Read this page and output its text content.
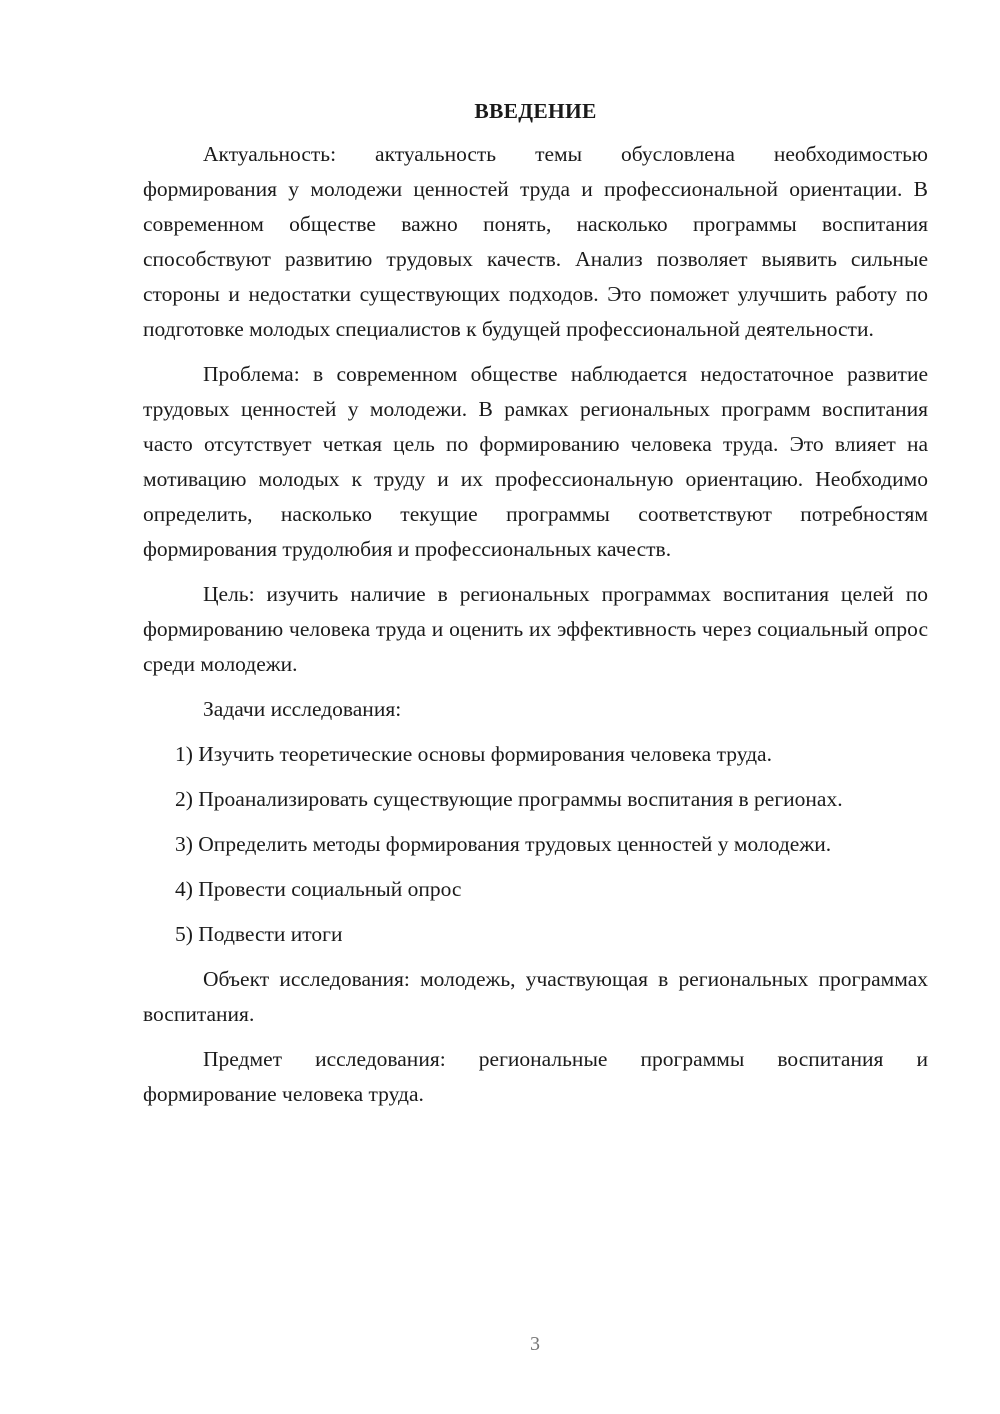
ВВЕДЕНИЕ

Актуальность: актуальность темы обусловлена необходимостью формирования у молодежи ценностей труда и профессиональной ориентации. В современном обществе важно понять, насколько программы воспитания способствуют развитию трудовых качеств. Анализ позволяет выявить сильные стороны и недостатки существующих подходов. Это поможет улучшить работу по подготовке молодых специалистов к будущей профессиональной деятельности.

Проблема: в современном обществе наблюдается недостаточное развитие трудовых ценностей у молодежи. В рамках региональных программ воспитания часто отсутствует четкая цель по формированию человека труда. Это влияет на мотивацию молодых к труду и их профессиональную ориентацию. Необходимо определить, насколько текущие программы соответствуют потребностям формирования трудолюбия и профессиональных качеств.

Цель: изучить наличие в региональных программах воспитания целей по формированию человека труда и оценить их эффективность через социальный опрос среди молодежи.

Задачи исследования:

1) Изучить теоретические основы формирования человека труда.

2) Проанализировать существующие программы воспитания в регионах.

3) Определить методы формирования трудовых ценностей у молодежи.

4) Провести социальный опрос

5) Подвести итоги

Объект исследования: молодежь, участвующая в региональных программах воспитания.

Предмет исследования: региональные программы воспитания и формирование человека труда.

3
